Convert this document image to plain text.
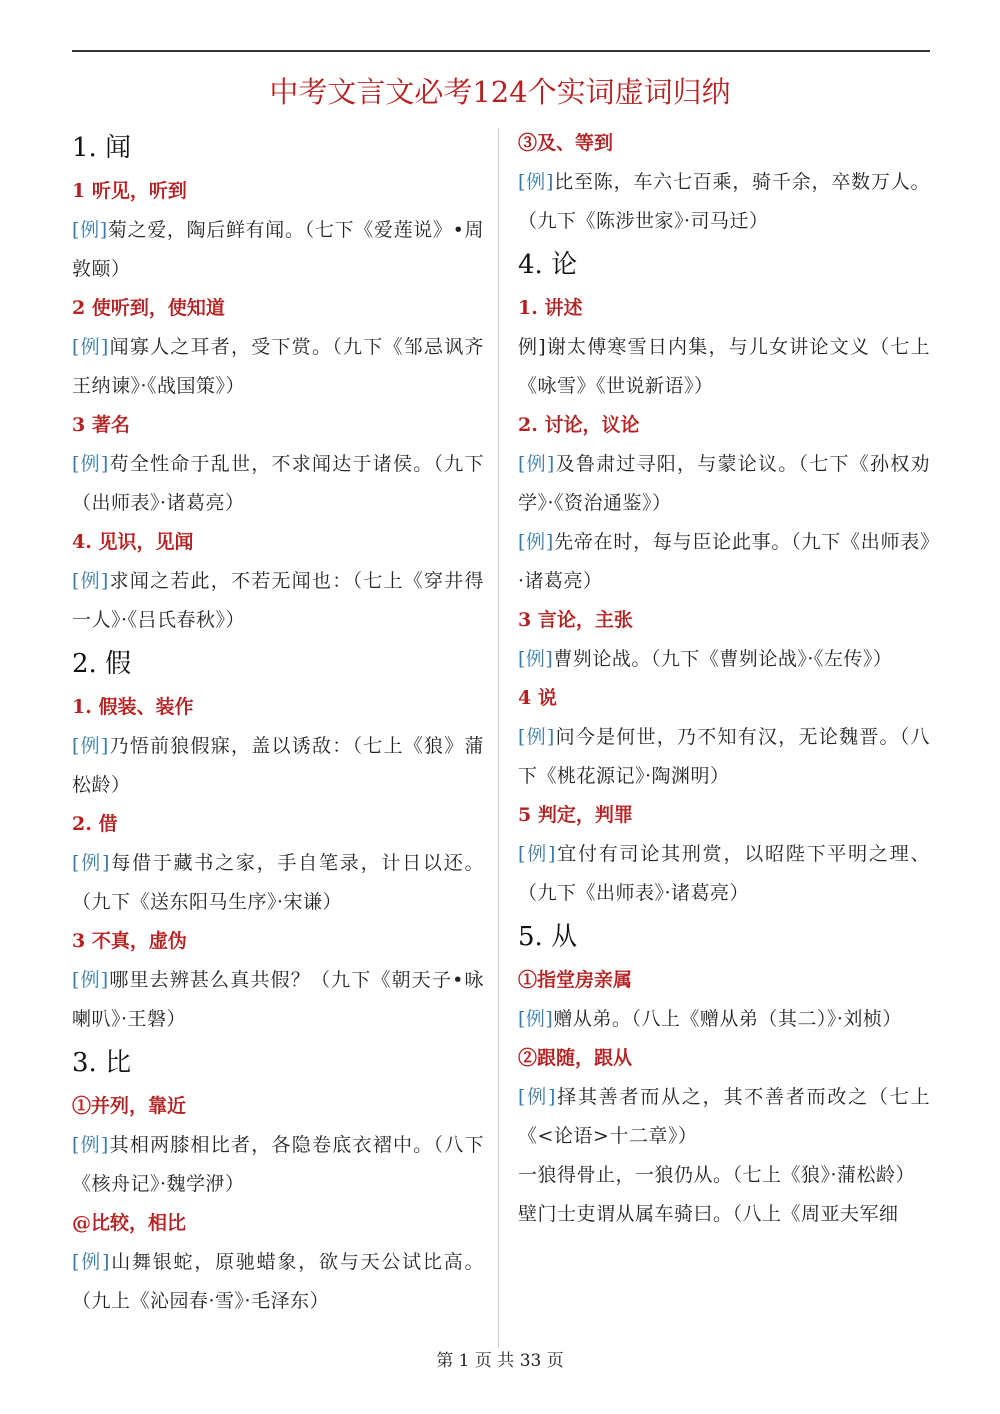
中考文言文必考124个实词虚词归纳
1. 闻
1 听见，听到
[例]菊之爱，陶后鲜有闻。（七下《爱莲说》•周敦颐）
2 使听到，使知道
[例]闻寡人之耳者，受下赏。（九下《邹忌讽齐王纳谏》·《战国策》）
3 著名
[例]苟全性命于乱世，不求闻达于诸侯。（九下（出师表》·诸葛亮）
4. 见识，见闻
[例]求闻之若此，不若无闻也：（七上《穿井得一人》·《吕氏春秋》）
2. 假
1. 假装、装作
[例]乃悟前狼假寐，盖以诱敌：（七上《狼》蒲松龄）
2. 借
[例]每借于藏书之家，手自笔录，计日以还。（九下《送东阳马生序》·宋谦）
3 不真，虚伪
[例]哪里去辨甚么真共假？（九下《朝天子•咏喇叭》·王磐）
3. 比
①并列，靠近
[例]其相两膝相比者，各隐卷底衣褶中。（八下《核舟记》·魏学洢）
@比较，相比
[例]山舞银蛇，原驰蜡象，欲与天公试比高。（九上《沁园春·雪》·毛泽东）
③及、等到
[例]比至陈，车六七百乘，骑千余，卒数万人。（九下《陈涉世家》·司马迁）
4. 论
1. 讲述
例]谢太傅寒雪日内集，与儿女讲论文义（七上《咏雪》《世说新语》）
2. 讨论，议论
[例]及鲁肃过寻阳，与蒙论议。（七下《孙权劝学》·《资治通鉴》）
[例]先帝在时，每与臣论此事。（九下《出师表》·诸葛亮）
3 言论，主张
[例]曹刿论战。（九下《曹刿论战》·《左传》）
4 说
[例]问今是何世，乃不知有汉，无论魏晋。（八下《桃花源记》·陶渊明）
5 判定，判罪
[例]宜付有司论其刑赏，以昭陛下平明之理、（九下《出师表》·诸葛亮）
5. 从
①指堂房亲属
[例]赠从弟。（八上《赠从弟（其二）》·刘桢）
②跟随，跟从
[例]择其善者而从之，其不善者而改之（七上《<论语>十二章》）
一狼得骨止，一狼仍从。（七上《狼》·蒲松龄）
壁门士吏谓从属车骑曰。（八上《周亚夫军细
第 1 页 共 33 页
